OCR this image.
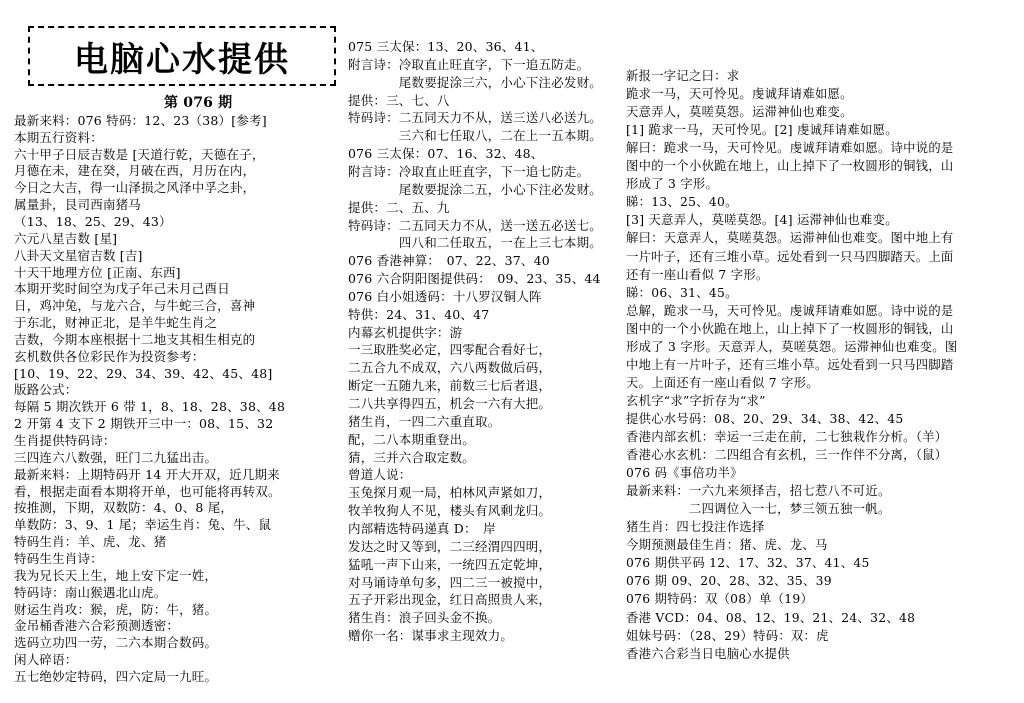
电脑心水提供
第 076 期
最新来料：076 特码：12、23（38）[参考]
本期五行资料：
六十甲子日辰吉数是 [天道行乾，天德在子，
月德在未，建在癸，月破在西，月历在内，
今日之大吉，得一山泽损之风泽中孚之卦，
属量卦，艮司西南猪马
（13、18、25、29、43）
六元八星吉数 [星]
八卦天文星宿吉数 [吉]
十天干地理方位 [正南、东西]
本期开奖时间空为戊子年己未月己酉日
日，鸡冲兔，与龙六合，与牛蛇三合，喜神
于东北，财神正北，是羊牛蛇生肖之
吉数，今期本座根据十二地支其相生相克的
玄机数供各位彩民作为投资参考：
[10、19、22、29、34、39、42、45、48]
版路公式：
每隔 5 期次铁开 6 带 1，8、18、28、38、48
2 开第 4 支下 2 期铁开三中一：08、15、32
生肖提供特码诗：
三四连六八数强，旺门二九猛出击。
最新来料：上期特码开 14 开大开双，近几期来
看，根据走面看本期将开单，也可能将再转双。
按推测，下期，双数防：4、0、8 尾，
单数防：3、9、1 尾；幸运生肖：兔、牛、鼠
特码生肖：羊、虎、龙、猪
特码生生肖诗：
我为兄长天上生，地上安下定一姓，
特码诗：南山猴遇北山虎。
财运生肖攻：猴，虎，防：牛，猪。
金吊桶香港六合彩预测透密：
选码立功四一劳，二六本期合数码。
闲人碎语：
五七绝妙定特码，四六定局一九旺。
075 三太保：13、20、36、41、
附言诗：冷取直止旺直字，下一追五防走。
　　　　尾数要捉涂三六，小心下注必发财。
提供：三、七、八
特码诗：二五同天力不从，送三送八必送九。
　　　　三六和七任取八，二在上一五本期。
076 三太保：07、16、32、48、
附言诗：冷取直止旺直字，下一追七防走。
　　　　尾数要捉涂二五，小心下注必发财。
提供：二、五、九
特码诗：二五同天力不从，送一送五必送七。
　　　　四八和二任取五，一在上三七本期。
076 香港神算：　07、22、37、40
076 六合阴阳图提供码：　09、23、35、44
076 白小姐透码：十八罗汉铜人阵
特供：24、31、40、47
内幕玄机提供字：游
一三取胜奖必定，四零配合看好七，
二五合九不成双，六八两数做后码，
断定一五随九来，前数三七后者退，
二八共享得四五，机会一六有大把。
猪生肖，一四二六重直取。
配，二八本期重登出。
猜，三并六合取定数。
曾道人说：
玉兔探月观一局，柏林风声紧如刀，
牧羊牧狗人不见，楼头有风剩龙归。
内部精选特码递真 D：　岸
发达之时又等到，二三经渭四四明，
猛吼一声下山来，一统四五定乾坤，
对马诵诗单句多，四二三一被搅中，
五子开彩出现金，红日高照贵人来，
猪生肖：浪子回头金不换。
赠你一名：谋事求主现效力。
新报一字记之曰：求
跪求一马，天可怜见。虔诚拜请难如愿。
天意弄人，莫嗟莫怨。运滞神仙也难变。
[1] 跪求一马，天可怜见。[2] 虔诚拜请难如愿。
解曰：跪求一马，天可怜见。虔诚拜请难如愿。诗中说的是
图中的一个小伙跪在地上，山上掉下了一枚圆形的铜钱，山
形成了 3 字形。
睇：13、25、40。
[3] 天意弄人，莫嗟莫怨。[4] 运滞神仙也难变。
解曰：天意弄人，莫嗟莫怨。运滞神仙也难变。图中地上有
一片叶子，还有三堆小草。远处看到一只马四脚踏天。上面
还有一座山看似 7 字形。
睇：06、31、45。
总解，跪求一马，天可怜见。虔诚拜请难如愿。诗中说的是
图中的一个小伙跪在地上，山上掉下了一枚圆形的铜钱，山
形成了 3 字形。天意弄人，莫嗟莫怨。运滞神仙也难变。图
中地上有一片叶子，还有三堆小草。远处看到一只马四脚踏
天。上面还有一座山看似 7 字形。
玄机字“求”字折存为“求”
提供心水号码：08、20、29、34、38、42、45
香港内部玄机：幸运一三走在前，二七独栽作分析。（羊）
香港心水玄机：二四组合有玄机，三一作伴不分离，（鼠）
076 码《事倍功半》
最新来料：一六九来须择吉，招七惹八不可近。
　　　　　二四调位入一七，梦三领五独一帆。
猪生肖：四七投注作选择
今期预测最佳生肖：猪、虎、龙、马
076 期供平码 12、17、32、37、41、45
076 期 09、20、28、32、35、39
076 期特码：双（08）单（19）
香港 VCD：04、08、12、19、21、24、32、48
姐妹号码：（28、29）特码：双：虎
香港六合彩当日电脑心水提供
